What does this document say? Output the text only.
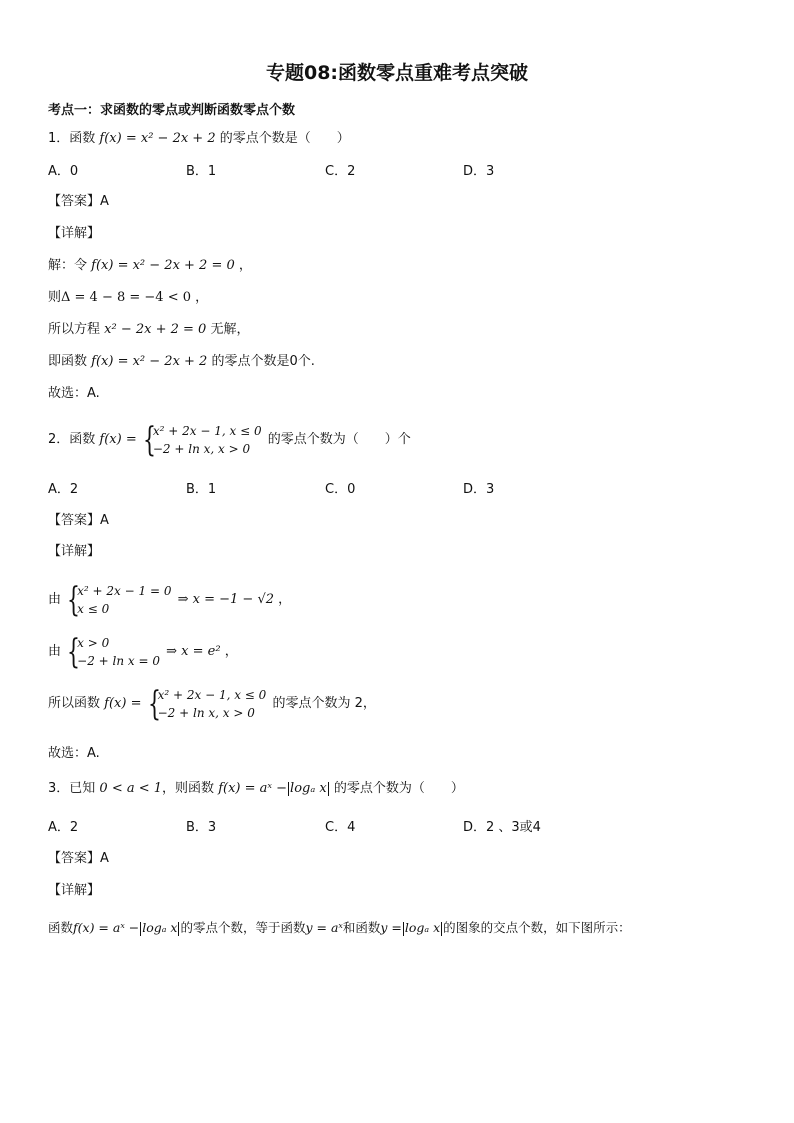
专题08:函数零点重难考点突破
考点一：求函数的零点或判断函数零点个数
1．函数 f(x) = x² − 2x + 2 的零点个数是（　　）
A．0	B．1	C．2	D．3
【答案】A
【详解】
解：令 f(x) = x² − 2x + 2 = 0 ，
则Δ = 4 − 8 = −4 < 0 ，
所以方程 x² − 2x + 2 = 0 无解，
即函数 f(x) = x² − 2x + 2 的零点个数是0个.
故选：A.
2．函数 f(x) = {
x² + 2x − 1, x ≤ 0
−2 + ln x, x > 0
的零点个数为（　　）个
A．2	B．1	C．0	D．3
【答案】A
【详解】
由 {
x² + 2x − 1 = 0
x ≤ 0
⇒ x = −1 − √2 ，
由 {
x > 0
−2 + ln x = 0
⇒ x = e² ，
所以函数 f(x) = {
x² + 2x − 1, x ≤ 0
−2 + ln x, x > 0
的零点个数为 2，
故选：A.
3．已知 0 < a < 1，则函数 f(x) = aˣ − logₐ x 的零点个数为（　　）
A．2	B．3	C．4	D．2 、3或4
【答案】A
【详解】
函数f(x) = aˣ − logₐ x 的零点个数，等于函数y = aˣ和函数y = logₐ x 的图象的交点个数，如下图所示：
